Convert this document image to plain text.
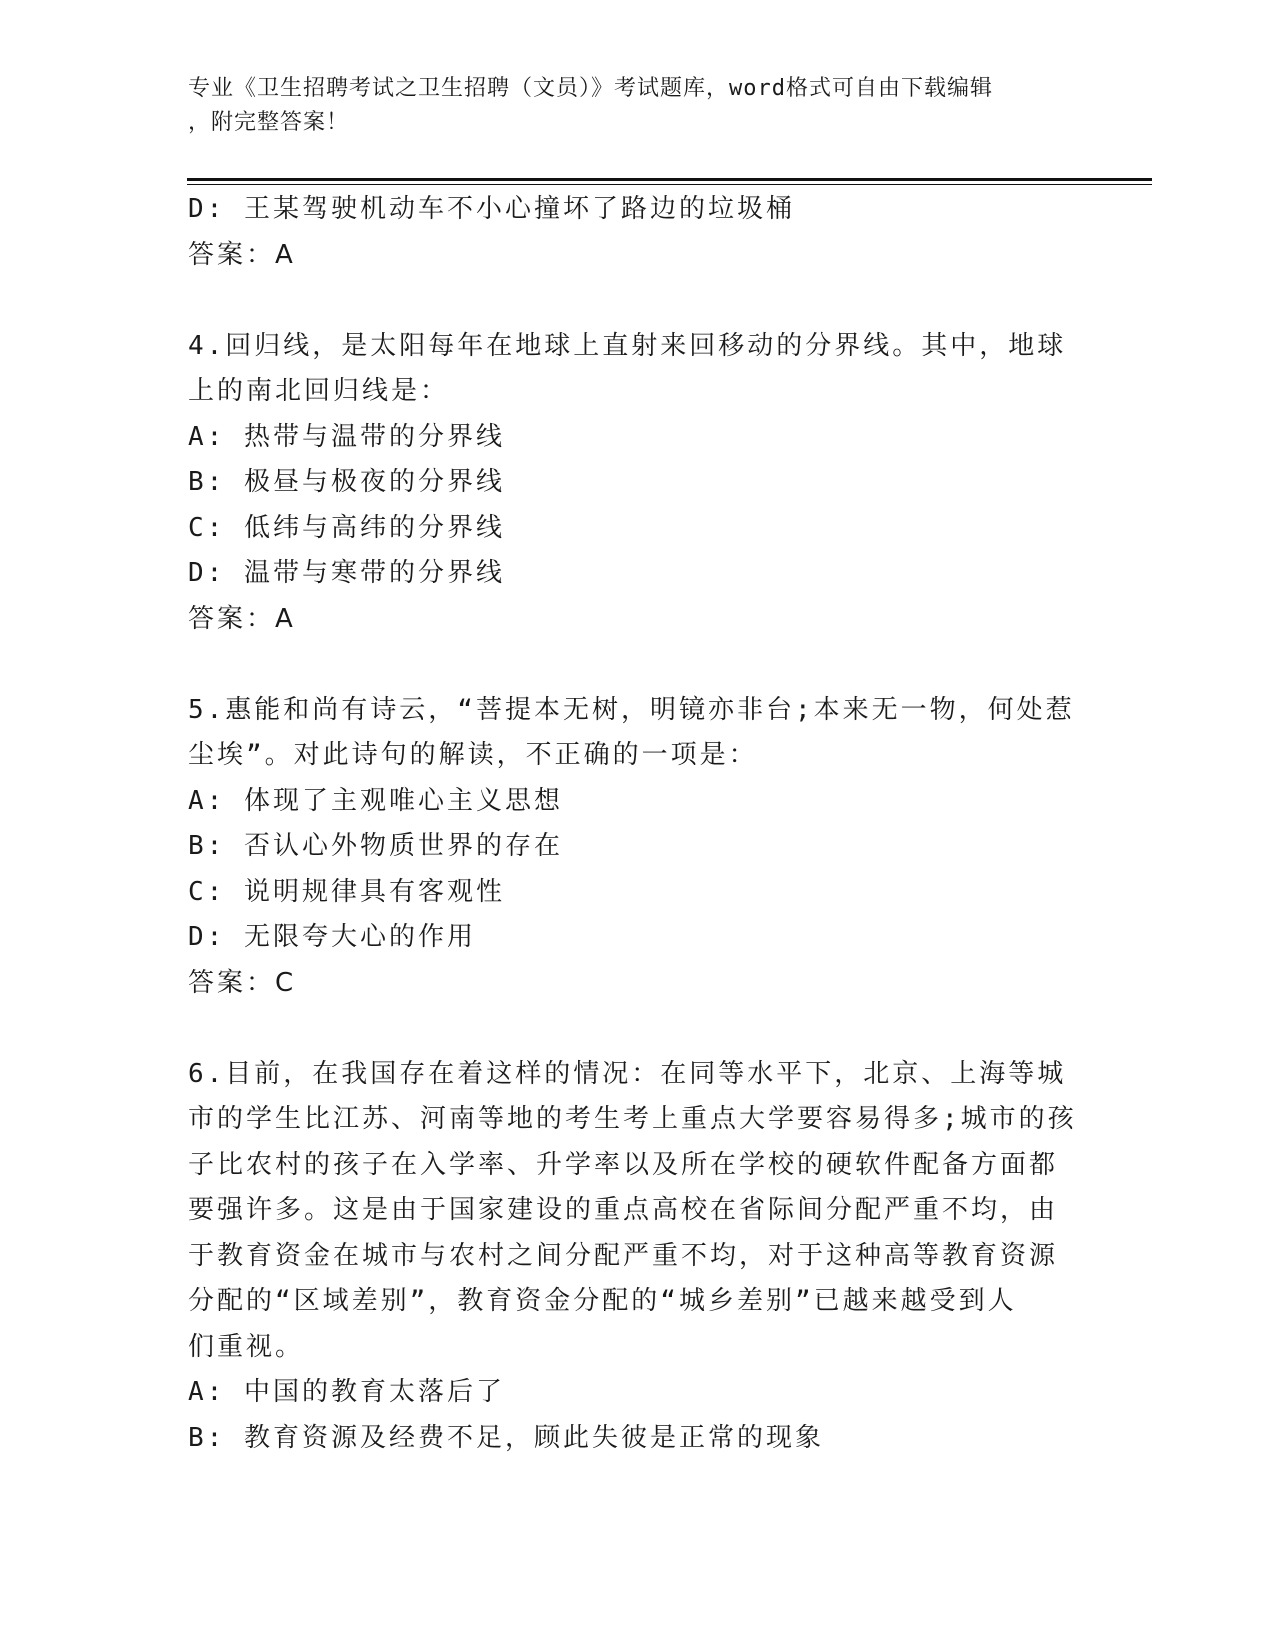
专业《卫生招聘考试之卫生招聘（文员）》考试题库，word格式可自由下载编辑
，附完整答案！
D: 王某驾驶机动车不小心撞坏了路边的垃圾桶
答案：A
4.回归线，是太阳每年在地球上直射来回移动的分界线。其中，地球
上的南北回归线是：
A: 热带与温带的分界线
B: 极昼与极夜的分界线
C: 低纬与高纬的分界线
D: 温带与寒带的分界线
答案：A
5.惠能和尚有诗云，“菩提本无树，明镜亦非台;本来无一物，何处惹
尘埃”。对此诗句的解读，不正确的一项是：
A: 体现了主观唯心主义思想
B: 否认心外物质世界的存在
C: 说明规律具有客观性
D: 无限夸大心的作用
答案：C
6.目前，在我国存在着这样的情况：在同等水平下，北京、上海等城
市的学生比江苏、河南等地的考生考上重点大学要容易得多;城市的孩
子比农村的孩子在入学率、升学率以及所在学校的硬软件配备方面都
要强许多。这是由于国家建设的重点高校在省际间分配严重不均，由
于教育资金在城市与农村之间分配严重不均，对于这种高等教育资源
分配的“区域差别”，教育资金分配的“城乡差别”已越来越受到人
们重视。
A: 中国的教育太落后了
B: 教育资源及经费不足，顾此失彼是正常的现象
